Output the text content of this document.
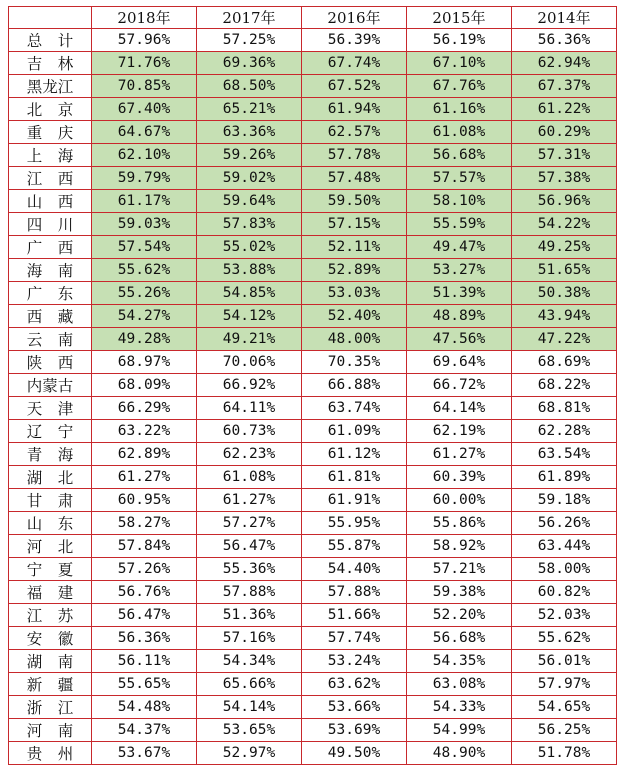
	2018年	2017年	2016年	2015年	2014年
总　计	57.96%	57.25%	56.39%	56.19%	56.36%
吉　林	71.76%	69.36%	67.74%	67.10%	62.94%
黑龙江	70.85%	68.50%	67.52%	67.76%	67.37%
北　京	67.40%	65.21%	61.94%	61.16%	61.22%
重　庆	64.67%	63.36%	62.57%	61.08%	60.29%
上　海	62.10%	59.26%	57.78%	56.68%	57.31%
江　西	59.79%	59.02%	57.48%	57.57%	57.38%
山　西	61.17%	59.64%	59.50%	58.10%	56.96%
四　川	59.03%	57.83%	57.15%	55.59%	54.22%
广　西	57.54%	55.02%	52.11%	49.47%	49.25%
海　南	55.62%	53.88%	52.89%	53.27%	51.65%
广　东	55.26%	54.85%	53.03%	51.39%	50.38%
西　藏	54.27%	54.12%	52.40%	48.89%	43.94%
云　南	49.28%	49.21%	48.00%	47.56%	47.22%
陕　西	68.97%	70.06%	70.35%	69.64%	68.69%
内蒙古	68.09%	66.92%	66.88%	66.72%	68.22%
天　津	66.29%	64.11%	63.74%	64.14%	68.81%
辽　宁	63.22%	60.73%	61.09%	62.19%	62.28%
青　海	62.89%	62.23%	61.12%	61.27%	63.54%
湖　北	61.27%	61.08%	61.81%	60.39%	61.89%
甘　肃	60.95%	61.27%	61.91%	60.00%	59.18%
山　东	58.27%	57.27%	55.95%	55.86%	56.26%
河　北	57.84%	56.47%	55.87%	58.92%	63.44%
宁　夏	57.26%	55.36%	54.40%	57.21%	58.00%
福　建	56.76%	57.88%	57.88%	59.38%	60.82%
江　苏	56.47%	51.36%	51.66%	52.20%	52.03%
安　徽	56.36%	57.16%	57.74%	56.68%	55.62%
湖　南	56.11%	54.34%	53.24%	54.35%	56.01%
新　疆	55.65%	65.66%	63.62%	63.08%	57.97%
浙　江	54.48%	54.14%	53.66%	54.33%	54.65%
河　南	54.37%	53.65%	53.69%	54.99%	56.25%
贵　州	53.67%	52.97%	49.50%	48.90%	51.78%
